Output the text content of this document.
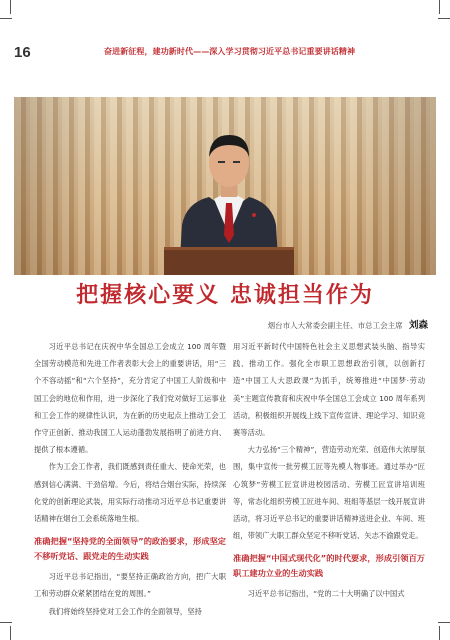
16	奋进新征程，建功新时代——深入学习贯彻习近平总书记重要讲话精神
把握核心要义 忠诚担当作为
烟台市人大常委会副主任、市总工会主席 刘森

习近平总书记在庆祝中华全国总工会成立 100 周年暨全国劳动模范和先进工作者表彰大会上的重要讲话，用“三个不容动摇”和“六个坚持”，充分肯定了中国工人阶级和中国工会的地位和作用，进一步深化了我们党对做好工运事业和工会工作的规律性认识，为在新的历史起点上推动工会工作守正创新、推动我国工人运动蓬勃发展指明了前进方向、提供了根本遵循。

作为工会工作者，我们既感到责任重大、使命光荣，也感到信心满满、干劲倍增。今后，将结合烟台实际，持续深化党的创新理论武装，用实际行动推动习近平总书记重要讲话精神在烟台工会系统落地生根。

准确把握“坚持党的全面领导”的政治要求，形成坚定不移听党话、跟党走的生动实践

习近平总书记指出，“要坚持正确政治方向，把广大职工和劳动群众紧紧团结在党的周围。”

我们将始终坚持党对工会工作的全面领导，坚持

用习近平新时代中国特色社会主义思想武装头脑、指导实践、推动工作。强化全市职工思想政治引领，以创新打造“中国工人大思政课”为抓手，统筹推进“中国梦·劳动美”主题宣传教育和庆祝中华全国总工会成立 100 周年系列活动，积极组织开展线上线下宣传宣讲、理论学习、知识竞赛等活动。

大力弘扬“三个精神”，营造劳动光荣、创造伟大浓厚氛围，集中宣传一批劳模工匠等先模人物事迹。通过举办“匠心筑梦”劳模工匠宣讲进校园活动、劳模工匠宣讲培训班等，常态化组织劳模工匠进车间、班组等基层一线开展宣讲活动，将习近平总书记的重要讲话精神送进企业、车间、班组，带领广大职工群众坚定不移听党话、矢志不渝跟党走。

准确把握“中国式现代化”的时代要求，形成引领百万职工建功立业的生动实践

习近平总书记指出，“党的二十大明确了以中国式
